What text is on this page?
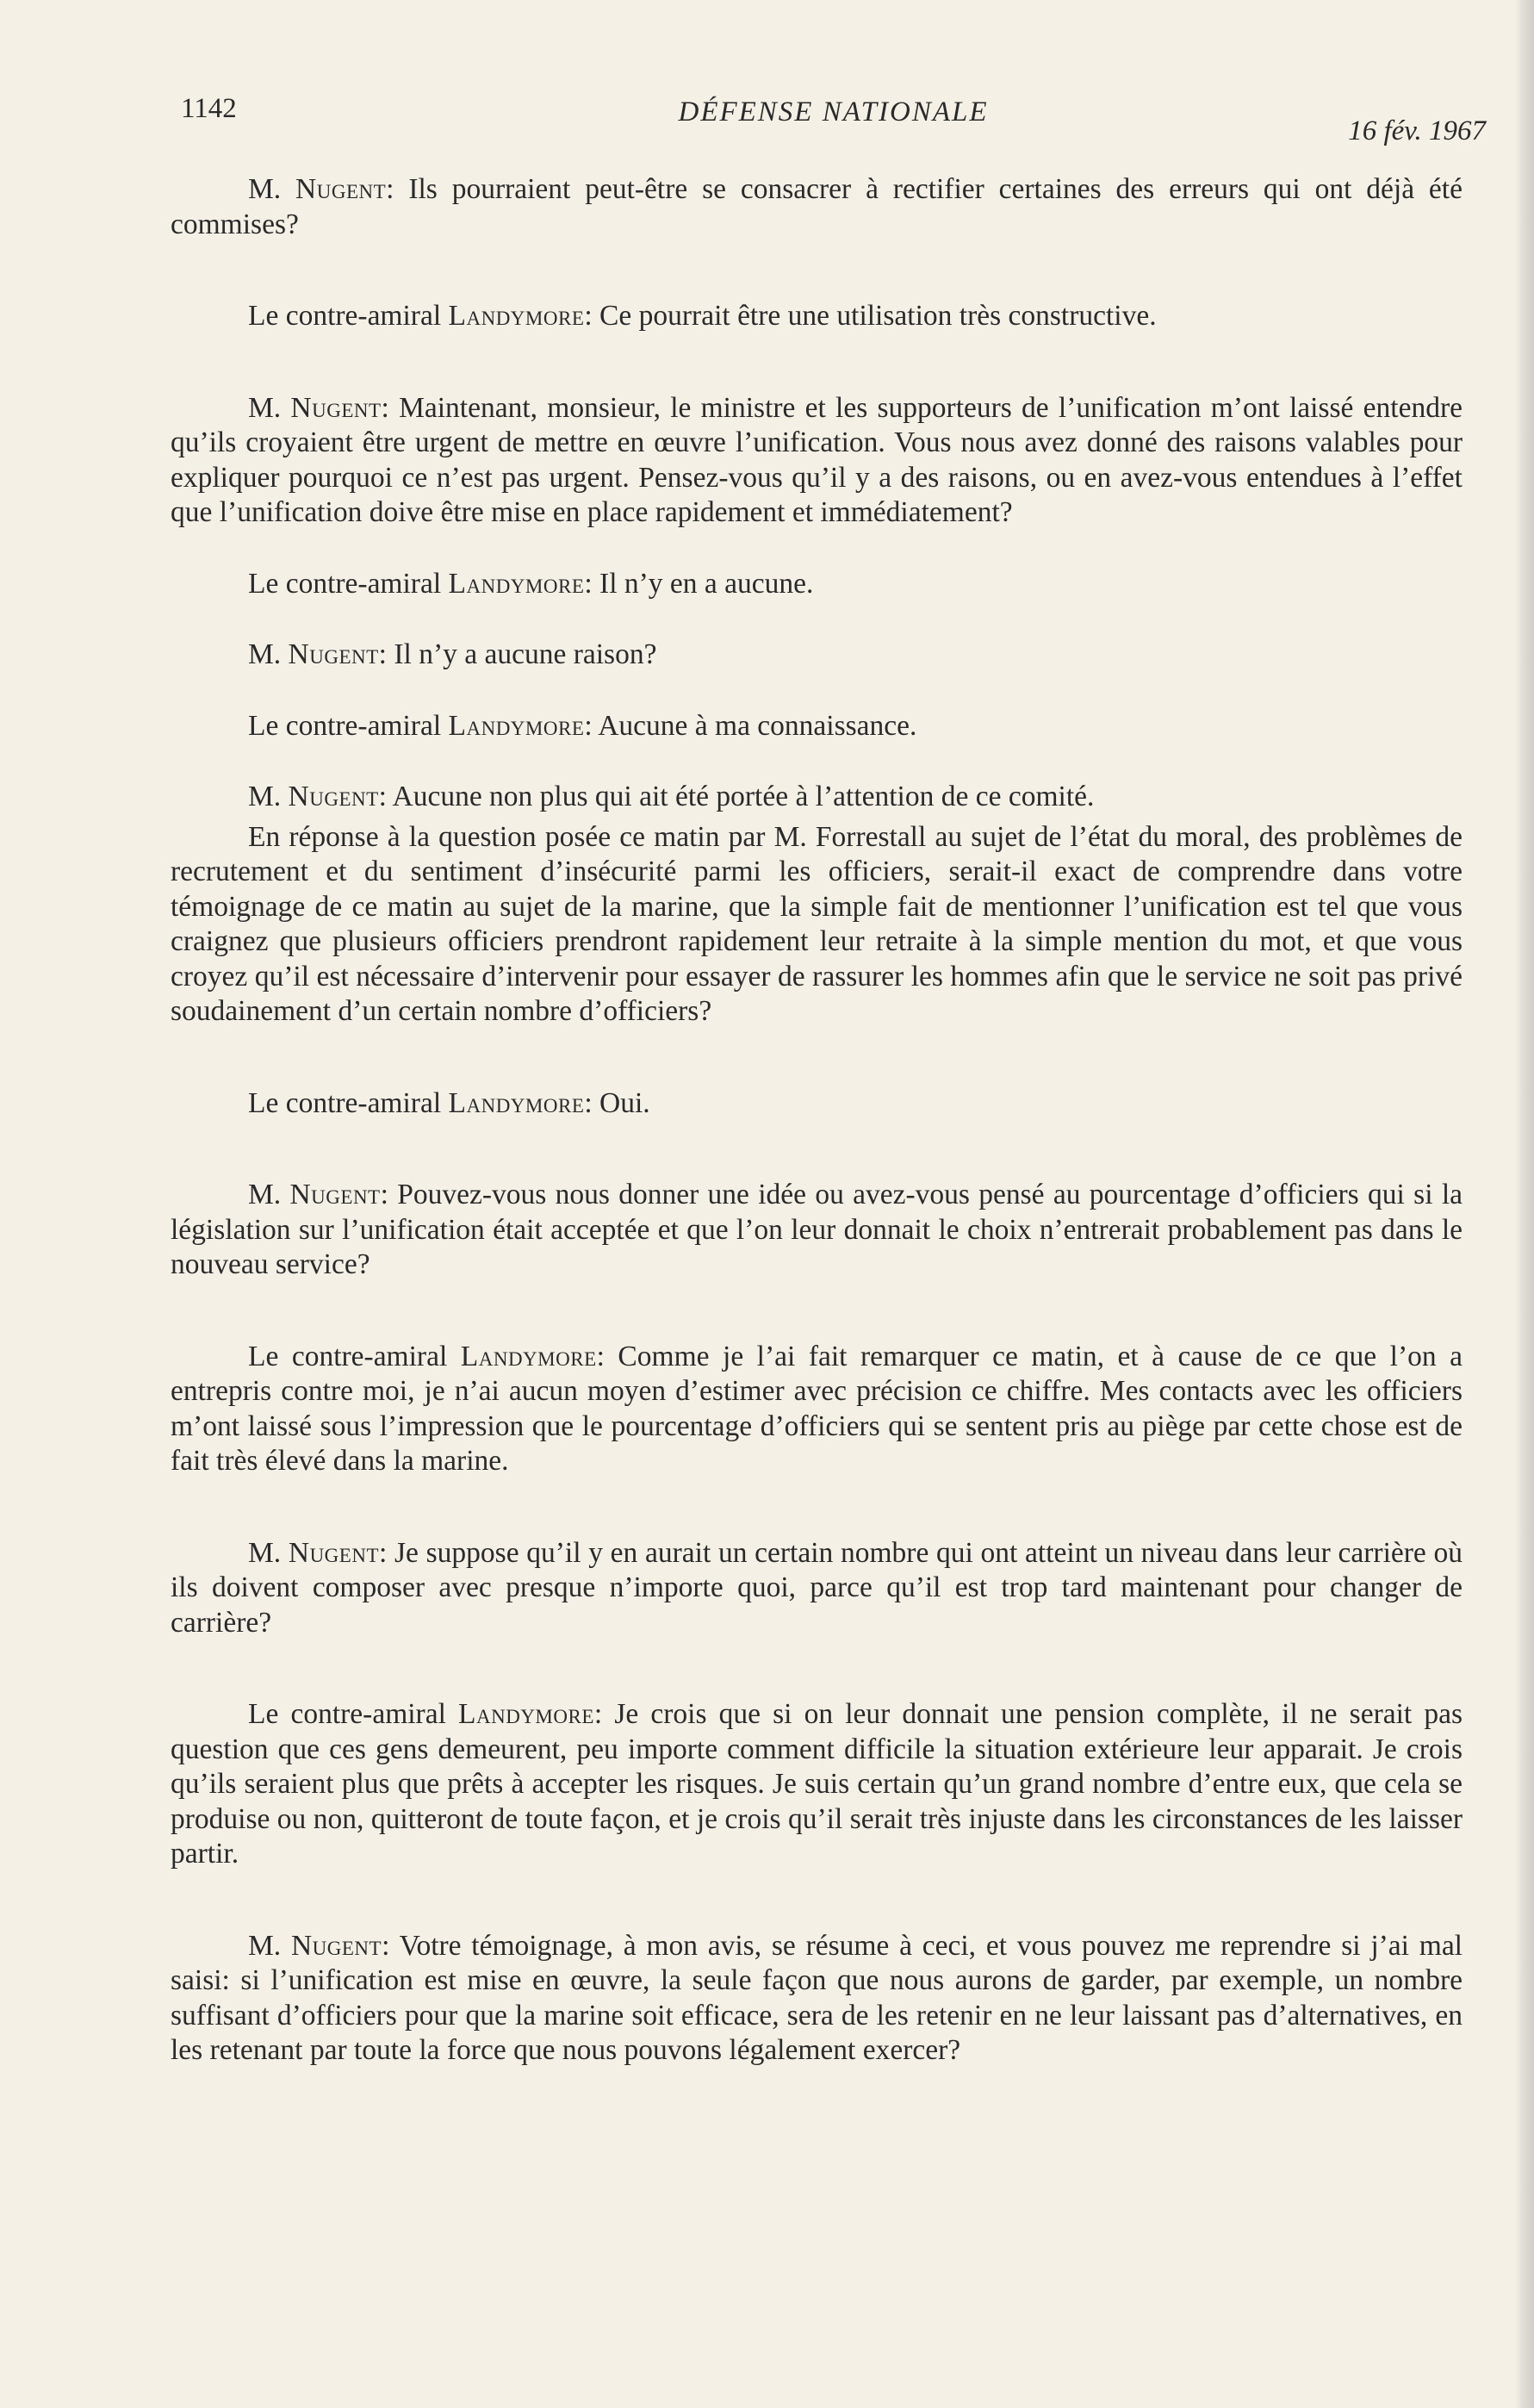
1142	DÉFENSE NATIONALE
16 fév. 1967

M. Nugent: Ils pourraient peut-être se consacrer à rectifier certaines des erreurs qui ont déjà été commises?

Le contre-amiral Landymore: Ce pourrait être une utilisation très constructive.

M. Nugent: Maintenant, monsieur, le ministre et les supporteurs de l’unification m’ont laissé entendre qu’ils croyaient être urgent de mettre en œuvre l’unification. Vous nous avez donné des raisons valables pour expliquer pourquoi ce n’est pas urgent. Pensez-vous qu’il y a des raisons, ou en avez-vous entendues à l’effet que l’unification doive être mise en place rapidement et immédiatement?

Le contre-amiral Landymore: Il n’y en a aucune.

M. Nugent: Il n’y a aucune raison?

Le contre-amiral Landymore: Aucune à ma connaissance.

M. Nugent: Aucune non plus qui ait été portée à l’attention de ce comité.

En réponse à la question posée ce matin par M. Forrestall au sujet de l’état du moral, des problèmes de recrutement et du sentiment d’insécurité parmi les officiers, serait-il exact de comprendre dans votre témoignage de ce matin au sujet de la marine, que la simple fait de mentionner l’unification est tel que vous craignez que plusieurs officiers prendront rapidement leur retraite à la simple mention du mot, et que vous croyez qu’il est nécessaire d’intervenir pour essayer de rassurer les hommes afin que le service ne soit pas privé soudainement d’un certain nombre d’officiers?

Le contre-amiral Landymore: Oui.

M. Nugent: Pouvez-vous nous donner une idée ou avez-vous pensé au pourcentage d’officiers qui si la législation sur l’unification était acceptée et que l’on leur donnait le choix n’entrerait probablement pas dans le nouveau service?

Le contre-amiral Landymore: Comme je l’ai fait remarquer ce matin, et à cause de ce que l’on a entrepris contre moi, je n’ai aucun moyen d’estimer avec précision ce chiffre. Mes contacts avec les officiers m’ont laissé sous l’impression que le pourcentage d’officiers qui se sentent pris au piège par cette chose est de fait très élevé dans la marine.

M. Nugent: Je suppose qu’il y en aurait un certain nombre qui ont atteint un niveau dans leur carrière où ils doivent composer avec presque n’importe quoi, parce qu’il est trop tard maintenant pour changer de carrière?

Le contre-amiral Landymore: Je crois que si on leur donnait une pension complète, il ne serait pas question que ces gens demeurent, peu importe comment difficile la situation extérieure leur apparait. Je crois qu’ils seraient plus que prêts à accepter les risques. Je suis certain qu’un grand nombre d’entre eux, que cela se produise ou non, quitteront de toute façon, et je crois qu’il serait très injuste dans les circonstances de les laisser partir.

M. Nugent: Votre témoignage, à mon avis, se résume à ceci, et vous pouvez me reprendre si j’ai mal saisi: si l’unification est mise en œuvre, la seule façon que nous aurons de garder, par exemple, un nombre suffisant d’officiers pour que la marine soit efficace, sera de les retenir en ne leur laissant pas d’alternatives, en les retenant par toute la force que nous pouvons légalement exercer?
